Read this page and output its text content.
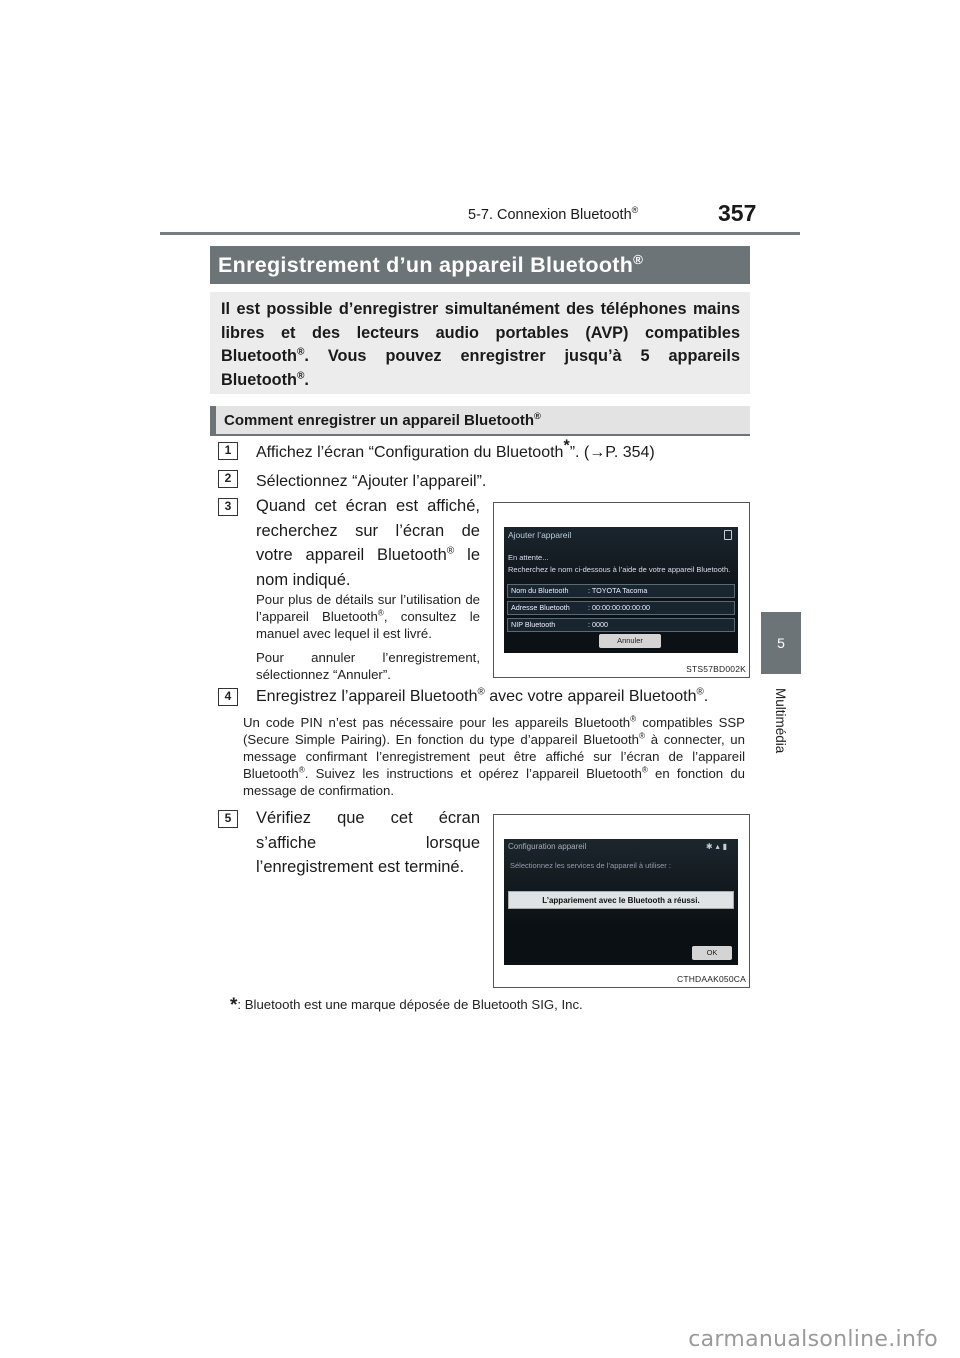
357
5-7. Connexion Bluetooth®
5
Multimédia
Enregistrement d’un appareil Bluetooth®
Il est possible d’enregistrer simultanément des téléphones mains libres et des lecteurs audio portables (AVP) compatibles Bluetooth®. Vous pouvez enregistrer jusqu’à 5 appareils Bluetooth®.
Comment enregistrer un appareil Bluetooth®
1	Affichez l’écran “Configuration du Bluetooth*”. (→P. 354)
2	Sélectionnez “Ajouter l’appareil”.
3	Quand cet écran est affiché, recherchez sur l’écran de votre appareil Bluetooth® le nom indiqué.
Pour plus de détails sur l’utilisation de l’appareil Bluetooth®, consultez le manuel avec lequel il est livré.
Pour annuler l’enregistrement, sélectionnez “Annuler”.
Ajouter l’appareil
En attente...
Recherchez le nom ci-dessous à l’aide de votre appareil Bluetooth.
Nom du Bluetooth	: TOYOTA Tacoma
Adresse Bluetooth	: 00:00:00:00:00:00
NIP Bluetooth	: 0000
Annuler
STS57BD002K
4	Enregistrez l’appareil Bluetooth® avec votre appareil Bluetooth®.
Un code PIN n’est pas nécessaire pour les appareils Bluetooth® compatibles SSP (Secure Simple Pairing). En fonction du type d’appareil Bluetooth® à connecter, un message confirmant l’enregistrement peut être affiché sur l’écran de l’appareil Bluetooth®. Suivez les instructions et opérez l’appareil Bluetooth® en fonction du message de confirmation.
5	Vérifiez que cet écran s’affiche lorsque l’enregistrement est terminé.
Configuration appareil	✱▴▮
Sélectionnez les services de l’appareil à utiliser :
L’appariement avec le Bluetooth a réussi.
OK
CTHDAAK050CA
*: Bluetooth est une marque déposée de Bluetooth SIG, Inc.
carmanualsonline.info
